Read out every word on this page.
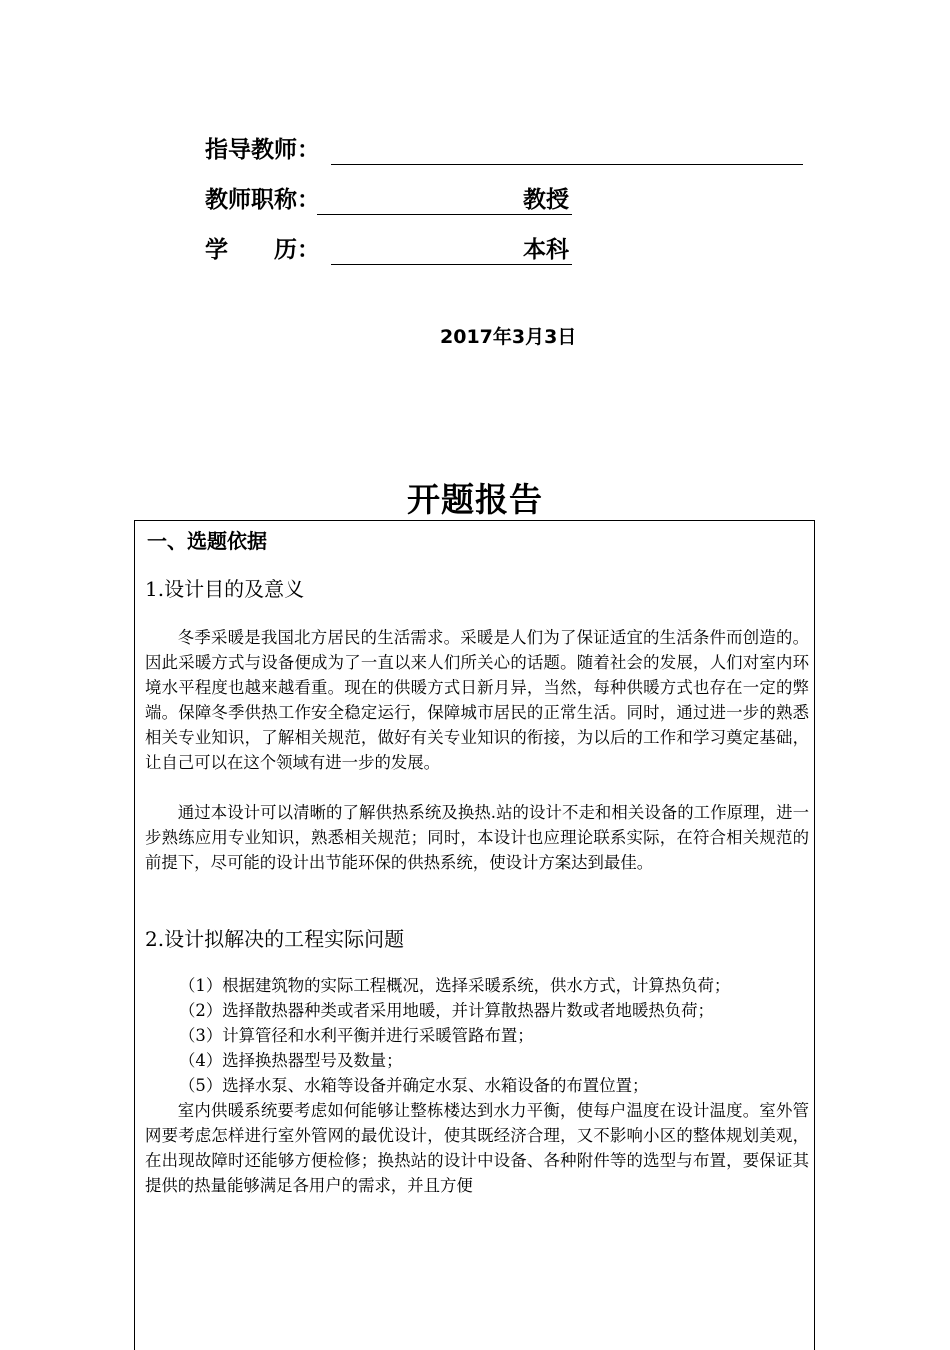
指导教师：
教师职称：	教授
学　　历：	本科
2017年3月3日
开题报告
一、选题依据
1.设计目的及意义

冬季采暖是我国北方居民的生活需求。采暖是人们为了保证适宜的生活条件而创造的。因此采暖方式与设备便成为了一直以来人们所关心的话题。随着社会的发展，人们对室内环境水平程度也越来越看重。现在的供暖方式日新月异，当然，每种供暖方式也存在一定的弊端。保障冬季供热工作安全稳定运行，保障城市居民的正常生活。同时，通过进一步的熟悉相关专业知识，了解相关规范，做好有关专业知识的衔接，为以后的工作和学习奠定基础，让自己可以在这个领域有进一步的发展。

通过本设计可以清晰的了解供热系统及换热.站的设计不走和相关设备的工作原理，进一步熟练应用专业知识，熟悉相关规范；同时，本设计也应理论联系实际，在符合相关规范的前提下，尽可能的设计出节能环保的供热系统，使设计方案达到最佳。

2.设计拟解决的工程实际问题
（1）根据建筑物的实际工程概况，选择采暖系统，供水方式，计算热负荷；
（2）选择散热器种类或者采用地暖，并计算散热器片数或者地暖热负荷；
（3）计算管径和水利平衡并进行采暖管路布置；
（4）选择换热器型号及数量；
（5）选择水泵、水箱等设备并确定水泵、水箱设备的布置位置；

室内供暖系统要考虑如何能够让整栋楼达到水力平衡，使每户温度在设计温度。室外管网要考虑怎样进行室外管网的最优设计，使其既经济合理，又不影响小区的整体规划美观，在出现故障时还能够方便检修；换热站的设计中设备、各种附件等的选型与布置，要保证其提供的热量能够满足各用户的需求，并且方便
